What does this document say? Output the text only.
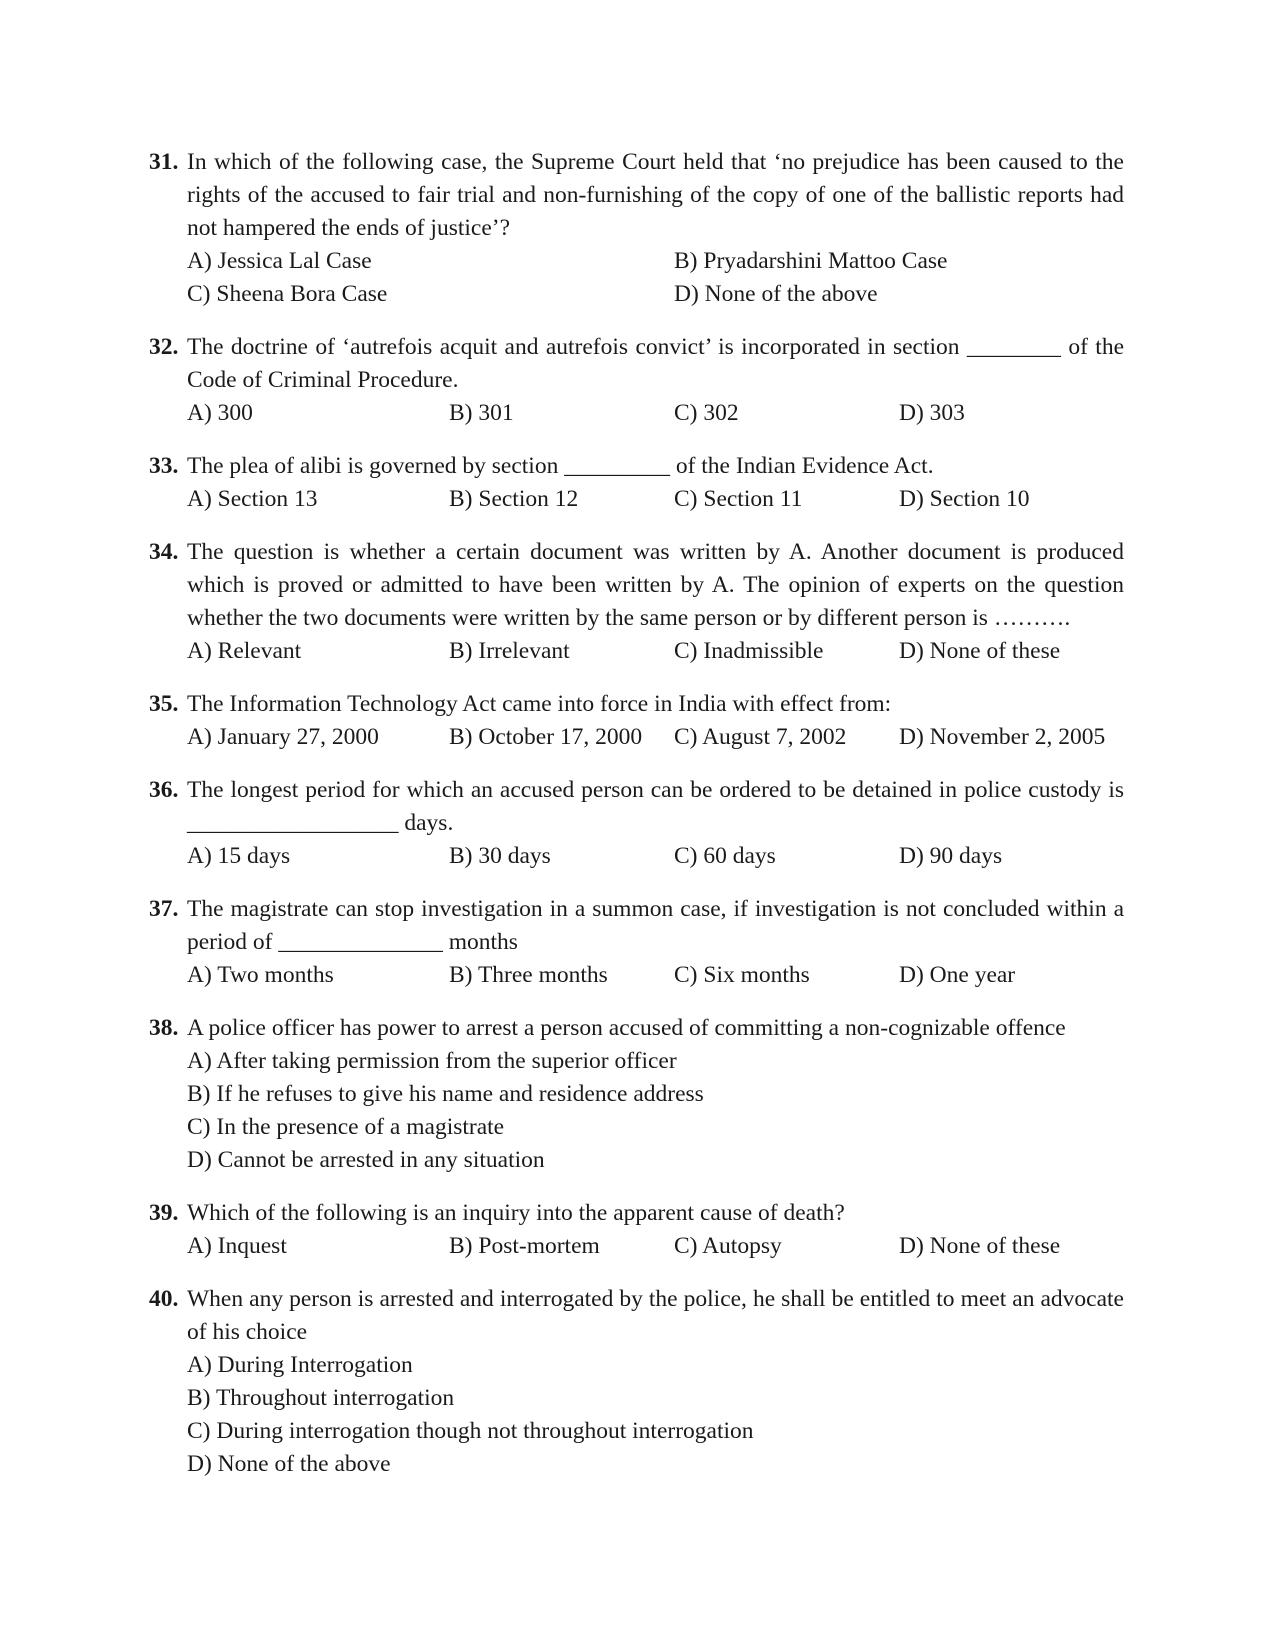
31. In which of the following case, the Supreme Court held that ‘no prejudice has been caused to the rights of the accused to fair trial and non-furnishing of the copy of one of the ballistic reports had not hampered the ends of justice’?
A) Jessica Lal Case	B) Pryadarshini Mattoo Case
C) Sheena Bora Case	D) None of the above
32. The doctrine of ‘autrefois acquit and autrefois convict’ is incorporated in section ________ of the Code of Criminal Procedure.
A) 300	B) 301	C) 302	D) 303
33. The plea of alibi is governed by section _________ of the Indian Evidence Act.
A) Section 13	B) Section 12	C) Section 11	D) Section 10
34. The question is whether a certain document was written by A. Another document is produced which is proved or admitted to have been written by A. The opinion of experts on the question whether the two documents were written by the same person or by different person is ……….
A) Relevant	B) Irrelevant	C) Inadmissible	D) None of these
35. The Information Technology Act came into force in India with effect from:
A) January 27, 2000	B) October 17, 2000	C) August 7, 2002	D) November 2, 2005
36. The longest period for which an accused person can be ordered to be detained in police custody is __________________ days.
A) 15 days	B) 30 days	C) 60 days	D) 90 days
37. The magistrate can stop investigation in a summon case, if investigation is not concluded within a period of ______________ months
A) Two months	B) Three months	C) Six months	D) One year
38. A police officer has power to arrest a person accused of committing a non-cognizable offence
A) After taking permission from the superior officer
B) If he refuses to give his name and residence address
C) In the presence of a magistrate
D) Cannot be arrested in any situation
39. Which of the following is an inquiry into the apparent cause of death?
A) Inquest	B) Post-mortem	C) Autopsy	D) None of these
40. When any person is arrested and interrogated by the police, he shall be entitled to meet an advocate of his choice
A) During Interrogation
B) Throughout interrogation
C) During interrogation though not throughout interrogation
D) None of the above
